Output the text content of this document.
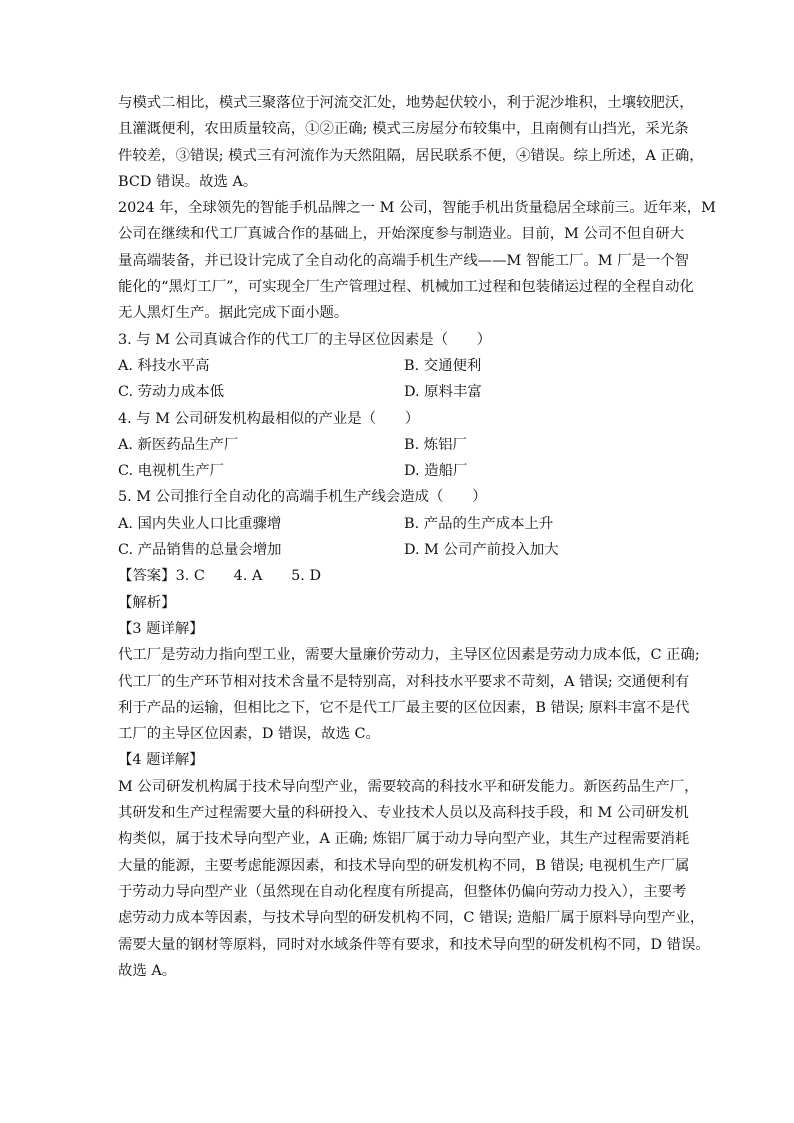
与模式二相比，模式三聚落位于河流交汇处，地势起伏较小，利于泥沙堆积，土壤较肥沃，
且灌溉便利，农田质量较高，①②正确; 模式三房屋分布较集中，且南侧有山挡光，采光条
件较差，③错误; 模式三有河流作为天然阻隔，居民联系不便，④错误。综上所述，A 正确，
BCD 错误。故选 A。
2024 年，全球领先的智能手机品牌之一 M 公司，智能手机出货量稳居全球前三。近年来，M
公司在继续和代工厂真诚合作的基础上，开始深度参与制造业。目前，M 公司不但自研大
量高端装备，并已设计完成了全自动化的高端手机生产线——M 智能工厂。M 厂是一个智
能化的“黑灯工厂”，可实现全厂生产管理过程、机械加工过程和包装储运过程的全程自动化
无人黑灯生产。据此完成下面小题。
3. 与 M 公司真诚合作的代工厂的主导区位因素是（　　）
A. 科技水平高	B. 交通便利
C. 劳动力成本低	D. 原料丰富
4. 与 M 公司研发机构最相似的产业是（　　）
A. 新医药品生产厂	B. 炼铝厂
C. 电视机生产厂	D. 造船厂
5. M 公司推行全自动化的高端手机生产线会造成（　　）
A. 国内失业人口比重骤增	B. 产品的生产成本上升
C. 产品销售的总量会增加	D. M 公司产前投入加大
【答案】3. C　　4. A　　5. D
【解析】
【3 题详解】
代工厂是劳动力指向型工业，需要大量廉价劳动力，主导区位因素是劳动力成本低，C 正确;
代工厂的生产环节相对技术含量不是特别高，对科技水平要求不苛刻，A 错误; 交通便利有
利于产品的运输，但相比之下，它不是代工厂最主要的区位因素，B 错误; 原料丰富不是代
工厂的主导区位因素，D 错误，故选 C。
【4 题详解】
M 公司研发机构属于技术导向型产业，需要较高的科技水平和研发能力。新医药品生产厂，
其研发和生产过程需要大量的科研投入、专业技术人员以及高科技手段，和 M 公司研发机
构类似，属于技术导向型产业，A 正确; 炼铝厂属于动力导向型产业，其生产过程需要消耗
大量的能源，主要考虑能源因素，和技术导向型的研发机构不同，B 错误; 电视机生产厂属
于劳动力导向型产业（虽然现在自动化程度有所提高，但整体仍偏向劳动力投入），主要考
虑劳动力成本等因素，与技术导向型的研发机构不同，C 错误; 造船厂属于原料导向型产业，
需要大量的钢材等原料，同时对水域条件等有要求，和技术导向型的研发机构不同，D 错误。
故选 A。
